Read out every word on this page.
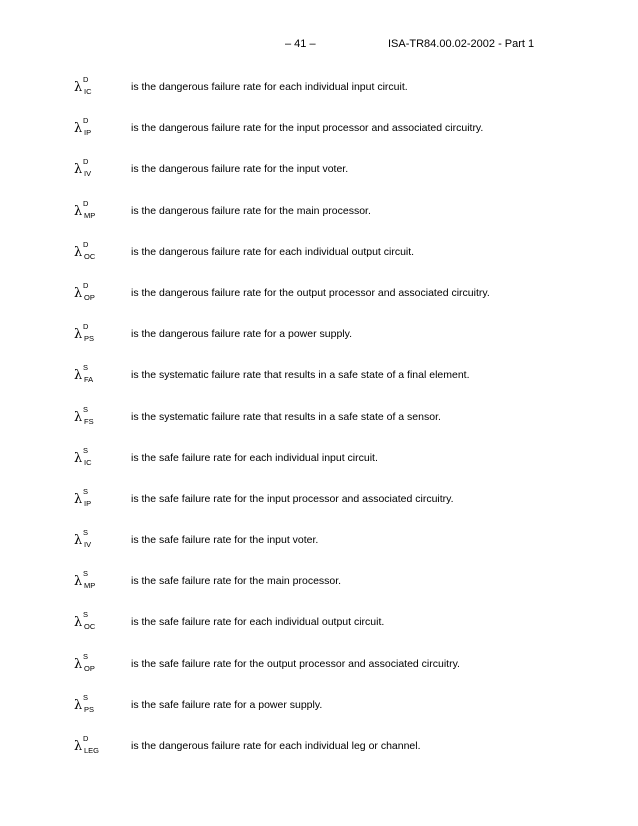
– 41 –	ISA-TR84.00.02-2002 - Part 1
λ
D
IC	is the dangerous failure rate for each individual input circuit.
λ
D
IP	is the dangerous failure rate for the input processor and associated circuitry.
λ
D
IV	is the dangerous failure rate for the input voter.
λ
D
MP	is the dangerous failure rate for the main processor.
λ
D
OC	is the dangerous failure rate for each individual output circuit.
λ
D
OP	is the dangerous failure rate for the output processor and associated circuitry.
λ
D
PS	is the dangerous failure rate for a power supply.
λ
S
FA	is the systematic failure rate that results in a safe state of a final element.
λ
S
FS	is the systematic failure rate that results in a safe state of a sensor.
λ
S
IC	is the safe failure rate for each individual input circuit.
λ
S
IP	is the safe failure rate for the input processor and associated circuitry.
λ
S
IV	is the safe failure rate for the input voter.
λ
S
MP	is the safe failure rate for the main processor.
λ
S
OC	is the safe failure rate for each individual output circuit.
λ
S
OP	is the safe failure rate for the output processor and associated circuitry.
λ
S
PS	is the safe failure rate for a power supply.
λ
D
LEG	is the dangerous failure rate for each individual leg or channel.
